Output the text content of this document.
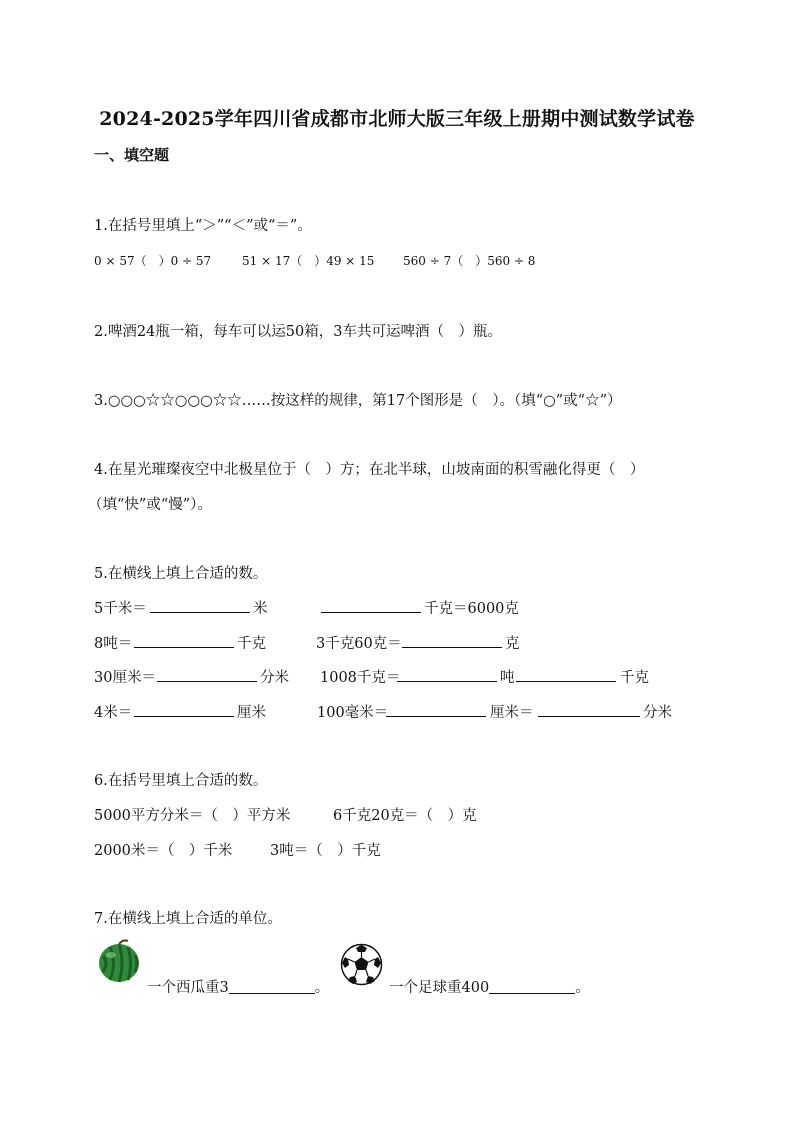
2024-2025学年四川省成都市北师大版三年级上册期中测试数学试卷
一、填空题
1.在括号里填上“＞”“＜”或“＝”。
0 × 57（　）0 ÷ 57	51 × 17（　）49 × 15 560 ÷ 7（　）560 ÷ 8
2.啤酒24瓶一箱，每车可以运50箱，3车共可运啤酒（　）瓶。
3.○○○☆☆○○○☆☆……按这样的规律，第17个图形是（　）。（填“○”或“☆”）
4.在星光璀璨夜空中北极星位于（　）方；在北半球，山坡南面的积雪融化得更（　）
（填“快”或“慢”）。
5.在横线上填上合适的数。
5千米＝	米	千克＝6000克
8吨＝	千克	3千克60克＝	克
30厘米＝	分米 1008千克＝	吨	千克
4米＝	厘米	100毫米＝	厘米＝	分米
6.在括号里填上合适的数。
5000平方分米＝（　）平方米	6千克20克＝（　）克
2000米＝（　）千米	3吨＝（　）千克
7.在横线上填上合适的单位。
一个西瓜重3	。	一个足球重400	。
